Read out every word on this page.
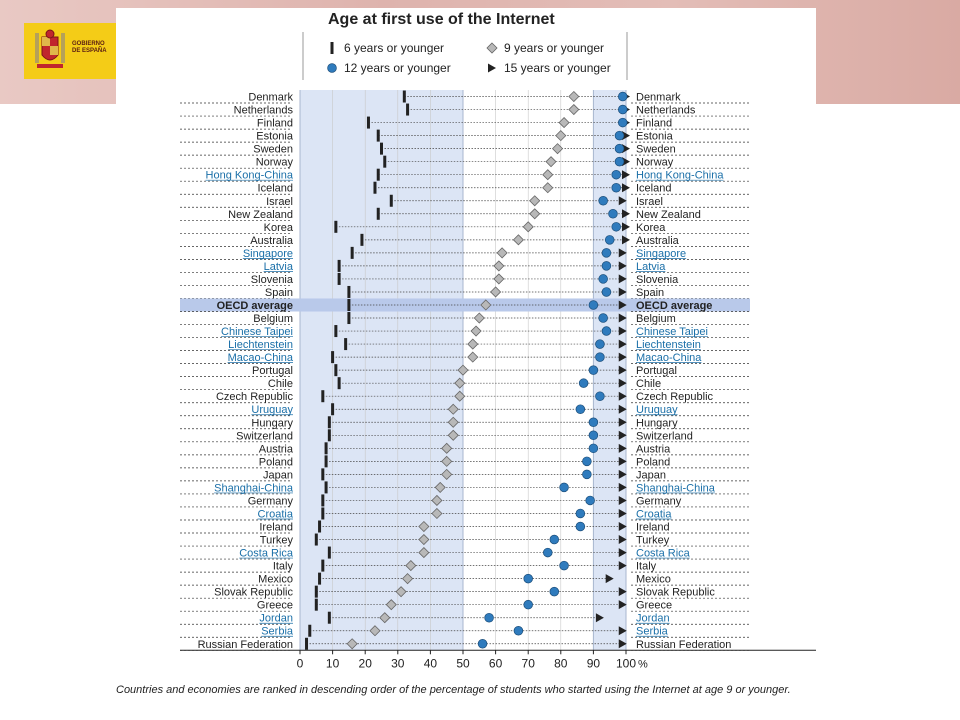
GOBIERNO
DE ESPAÑA
Age at first use of the Internet
6 years or younger	9 years or younger
12 years or younger	15 years or younger
Denmark	Denmark
Netherlands	Netherlands
Finland	Finland
Estonia	Estonia
Sweden	Sweden
Norway	Norway
Hong Kong-China	Hong Kong-China
Iceland	Iceland
Israel	Israel
New Zealand	New Zealand
Korea	Korea
Australia	Australia
Singapore	Singapore
Latvia	Latvia
Slovenia	Slovenia
Spain	Spain
OECD average	OECD average
Belgium	Belgium
Chinese Taipei	Chinese Taipei
Liechtenstein	Liechtenstein
Macao-China	Macao-China
Portugal	Portugal
Chile	Chile
Czech Republic	Czech Republic
Uruguay	Uruguay
Hungary	Hungary
Switzerland	Switzerland
Austria	Austria
Poland	Poland
Japan	Japan
Shanghai-China	Shanghai-China
Germany	Germany
Croatia	Croatia
Ireland	Ireland
Turkey	Turkey
Costa Rica	Costa Rica
Italy	Italy
Mexico	Mexico
Slovak Republic	Slovak Republic
Greece	Greece
Jordan	Jordan
Serbia	Serbia
Russian Federation	Russian Federation
0 10 20 30 40 50 60 70 80 90 100 %
Countries and economies are ranked in descending order of the percentage of students who started using the Internet at age 9 or younger.
